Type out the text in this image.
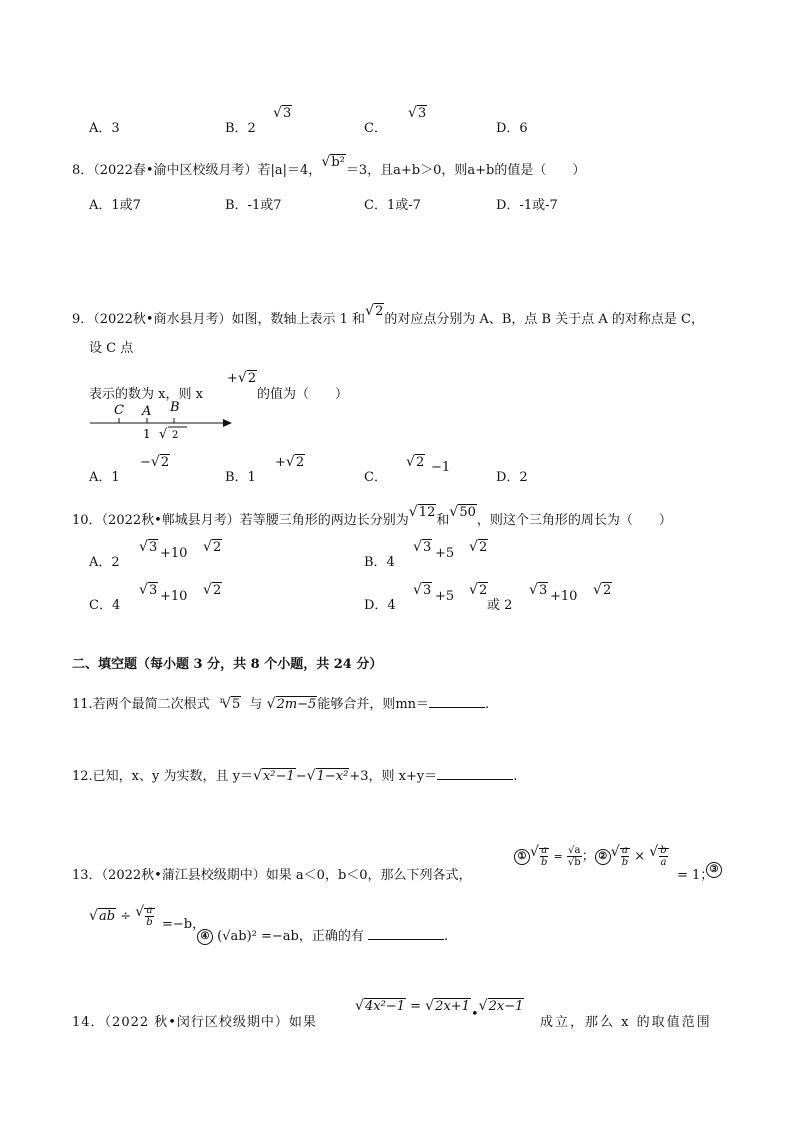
A．3	B．2
√ 3
C．
√ 3
D．6
8．（2022春•渝中区校级月考）若|a|＝4，√ b²＝3，且a+b＞0，则a+b的值是（　　）
A．1或7	B．-1或7	C．1或-7	D．-1或-7
9．（2022秋•商水县月考）如图，数轴上表示 1 和√ 2的对应点分别为 A、B，点 B 关于点 A 的对称点是 C，
设 C 点
表示的数为 x，则 x
+ √ 2
的值为（　　）
C A B
1 √ 2
A．1
− √ 2
B．1
+ √ 2
C．
√ 2 −1
D．2
10．（2022秋•郸城县月考）若等腰三角形的两边长分别为√ 12和√ 50，则这个三角形的周长为（　　）
A．2
√ 3 +10	√ 2
B．4
√ 3 +5	√ 2
C．4
√ 3 +10	√ 2
D．4
√ 3 +5	√ 2
或 2
√ 3 +10	√ 2
二、填空题（每小题 3 分，共 8 个小题，共 24 分）
11.若两个最简二次根式 $^n$ √ 5 与 √ 2m−5能够合并，则mn＝	.
12.已知，x、y 为实数，且 y＝ √ x²−1− √ 1−x²+3，则 x+y＝	.
13．（2022秋•蒲江县校级期中）如果 a＜0，b＜0，那么下列各式，
① √ $\frac{a}{b} = \frac{√a}{√b}$ ； ② √ $\frac{a}{b}$ × √ $\frac{b}{a}$
= 1；
③
√ ab ÷ √ $\frac{a}{b} =-b$，
④ (√ab)² =−ab，正确的有	.
14．（2022 秋•闵行区校级期中）如果
√ 4x²−1 = √ 2x+1•√ 2x−1
成立，那么 x 的取值范围
